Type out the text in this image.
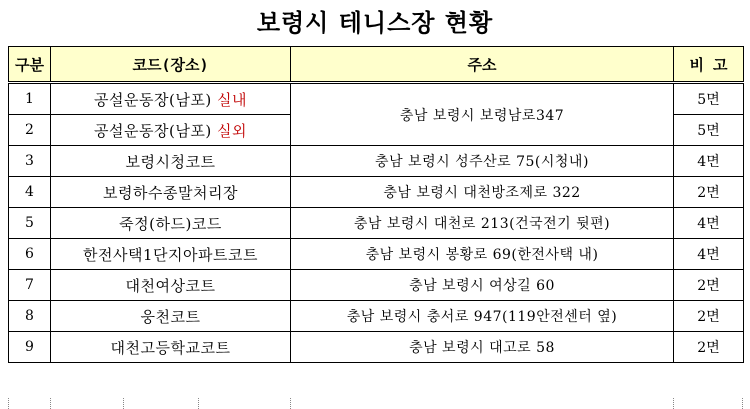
보령시 테니스장 현황
구분	코드(장소)	주소	비 고
1	공설운동장(남포) 실내	충남 보령시 보령남로347	5면
2	공설운동장(남포) 실외		5면
3	보령시청코트	충남 보령시 성주산로 75(시청내)	4면
4	보령하수종말처리장	충남 보령시 대천방조제로 322	2면
5	죽정(하드)코드	충남 보령시 대천로 213(건국전기 뒷편)	4면
6	한전사택1단지아파트코트	충남 보령시 봉황로 69(한전사택 내)	4면
7	대천여상코트	충남 보령시 여상길 60	2면
8	웅천코트	충남 보령시 충서로 947(119안전센터 옆)	2면
9	대천고등학교코트	충남 보령시 대고로 58	2면
